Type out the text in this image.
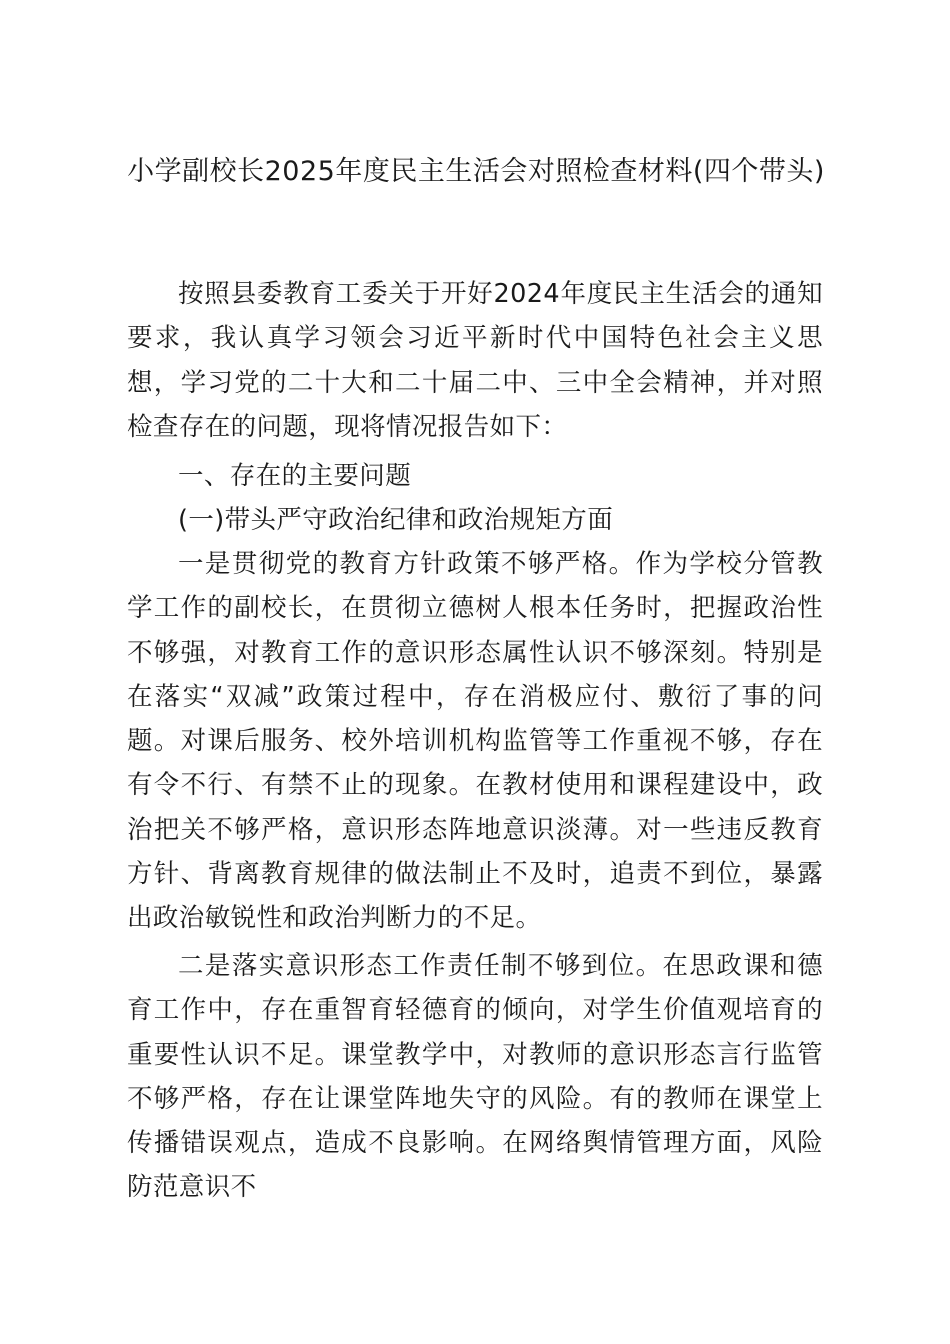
小学副校长2025年度民主生活会对照检查材料(四个带头)

按照县委教育工委关于开好2024年度民主生活会的通知要求，我认真学习领会习近平新时代中国特色社会主义思想，学习党的二十大和二十届二中、三中全会精神，并对照检查存在的问题，现将情况报告如下：

一、存在的主要问题

(一)带头严守政治纪律和政治规矩方面

一是贯彻党的教育方针政策不够严格。作为学校分管教学工作的副校长，在贯彻立德树人根本任务时，把握政治性不够强，对教育工作的意识形态属性认识不够深刻。特别是在落实“双减”政策过程中，存在消极应付、敷衍了事的问题。对课后服务、校外培训机构监管等工作重视不够，存在有令不行、有禁不止的现象。在教材使用和课程建设中，政治把关不够严格，意识形态阵地意识淡薄。对一些违反教育方针、背离教育规律的做法制止不及时，追责不到位，暴露出政治敏锐性和政治判断力的不足。

二是落实意识形态工作责任制不够到位。在思政课和德育工作中，存在重智育轻德育的倾向，对学生价值观培育的重要性认识不足。课堂教学中，对教师的意识形态言行监管不够严格，存在让课堂阵地失守的风险。有的教师在课堂上传播错误观点，造成不良影响。在网络舆情管理方面，风险防范意识不
